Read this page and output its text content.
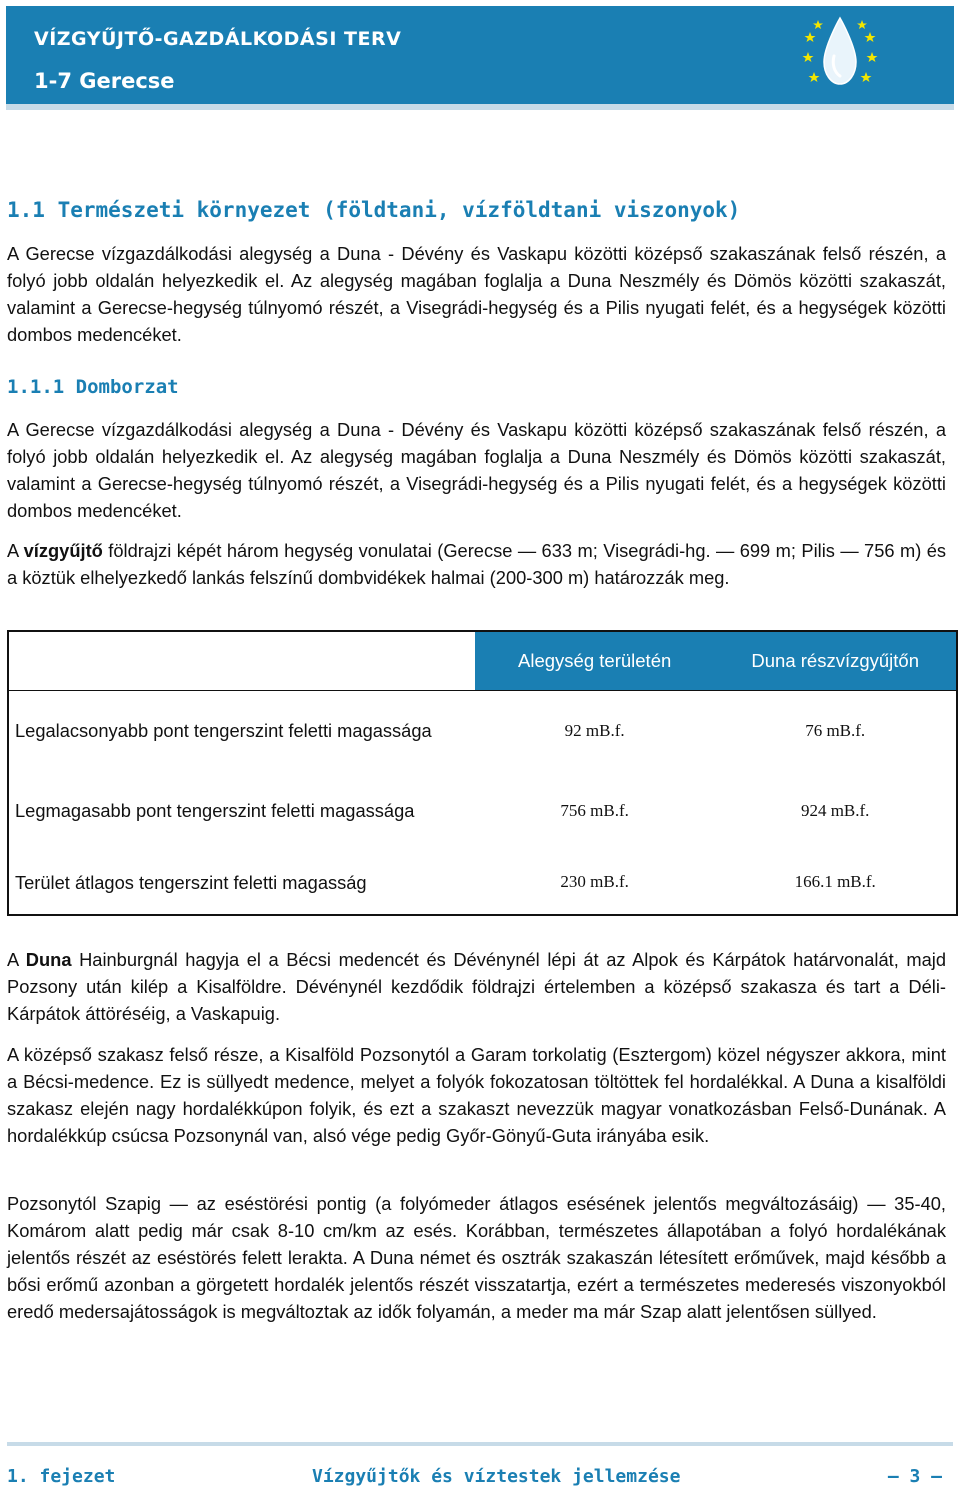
VÍZGYŰJTŐ-GAZDÁLKODÁSI TERV
1-7 Gerecse
1.1 Természeti környezet (földtani, vízföldtani viszonyok)
A Gerecse vízgazdálkodási alegység a Duna - Dévény és Vaskapu közötti középső szakaszának felső részén, a folyó jobb oldalán helyezkedik el. Az alegység magában foglalja a Duna Neszmély és Dömös közötti szakaszát, valamint a Gerecse-hegység túlnyomó részét, a Visegrádi-hegység és a Pilis nyugati felét, és a hegységek közötti dombos medencéket.
1.1.1 Domborzat
A Gerecse vízgazdálkodási alegység a Duna - Dévény és Vaskapu közötti középső szakaszának felső részén, a folyó jobb oldalán helyezkedik el. Az alegység magában foglalja a Duna Neszmély és Dömös közötti szakaszát, valamint a Gerecse-hegység túlnyomó részét, a Visegrádi-hegység és a Pilis nyugati felét, és a hegységek közötti dombos medencéket.
A vízgyűjtő földrajzi képét három hegység vonulatai (Gerecse — 633 m; Visegrádi-hg. — 699 m; Pilis — 756 m) és a köztük elhelyezkedő lankás felszínű dombvidékek halmai (200-300 m) határozzák meg.
	Alegység területén	Duna részvízgyűjtőn
Legalacsonyabb pont tengerszint feletti magassága	92 mB.f.	76 mB.f.
Legmagasabb pont tengerszint feletti magassága	756 mB.f.	924 mB.f.
Terület átlagos tengerszint feletti magasság	230 mB.f.	166.1 mB.f.
A Duna Hainburgnál hagyja el a Bécsi medencét és Dévénynél lépi át az Alpok és Kárpátok határvonalát, majd Pozsony után kilép a Kisalföldre. Dévénynél kezdődik földrajzi értelemben a középső szakasza és tart a Déli-Kárpátok áttöréséig, a Vaskapuig.
A középső szakasz felső része, a Kisalföld Pozsonytól a Garam torkolatig (Esztergom) közel négyszer akkora, mint a Bécsi-medence. Ez is süllyedt medence, melyet a folyók fokozatosan töltöttek fel hordalékkal. A Duna a kisalföldi szakasz elején nagy hordalékkúpon folyik, és ezt a szakaszt nevezzük magyar vonatkozásban Felső-Dunának. A hordalékkúp csúcsa Pozsonynál van, alsó vége pedig Győr-Gönyű-Guta irányába esik.
Pozsonytól Szapig — az eséstörési pontig (a folyómeder átlagos esésének jelentős megváltozásáig) — 35-40, Komárom alatt pedig már csak 8-10 cm/km az esés. Korábban, természetes állapotában a folyó hordalékának jelentős részét az eséstörés felett lerakta. A Duna német és osztrák szakaszán létesített erőművek, majd később a bősi erőmű azonban a görgetett hordalék jelentős részét visszatartja, ezért a természetes mederesés viszonyokból eredő medersajátosságok is megváltoztak az idők folyamán, a meder ma már Szap alatt jelentősen süllyed.
1. fejezet	Vízgyűjtők és víztestek jellemzése	— 3 —
